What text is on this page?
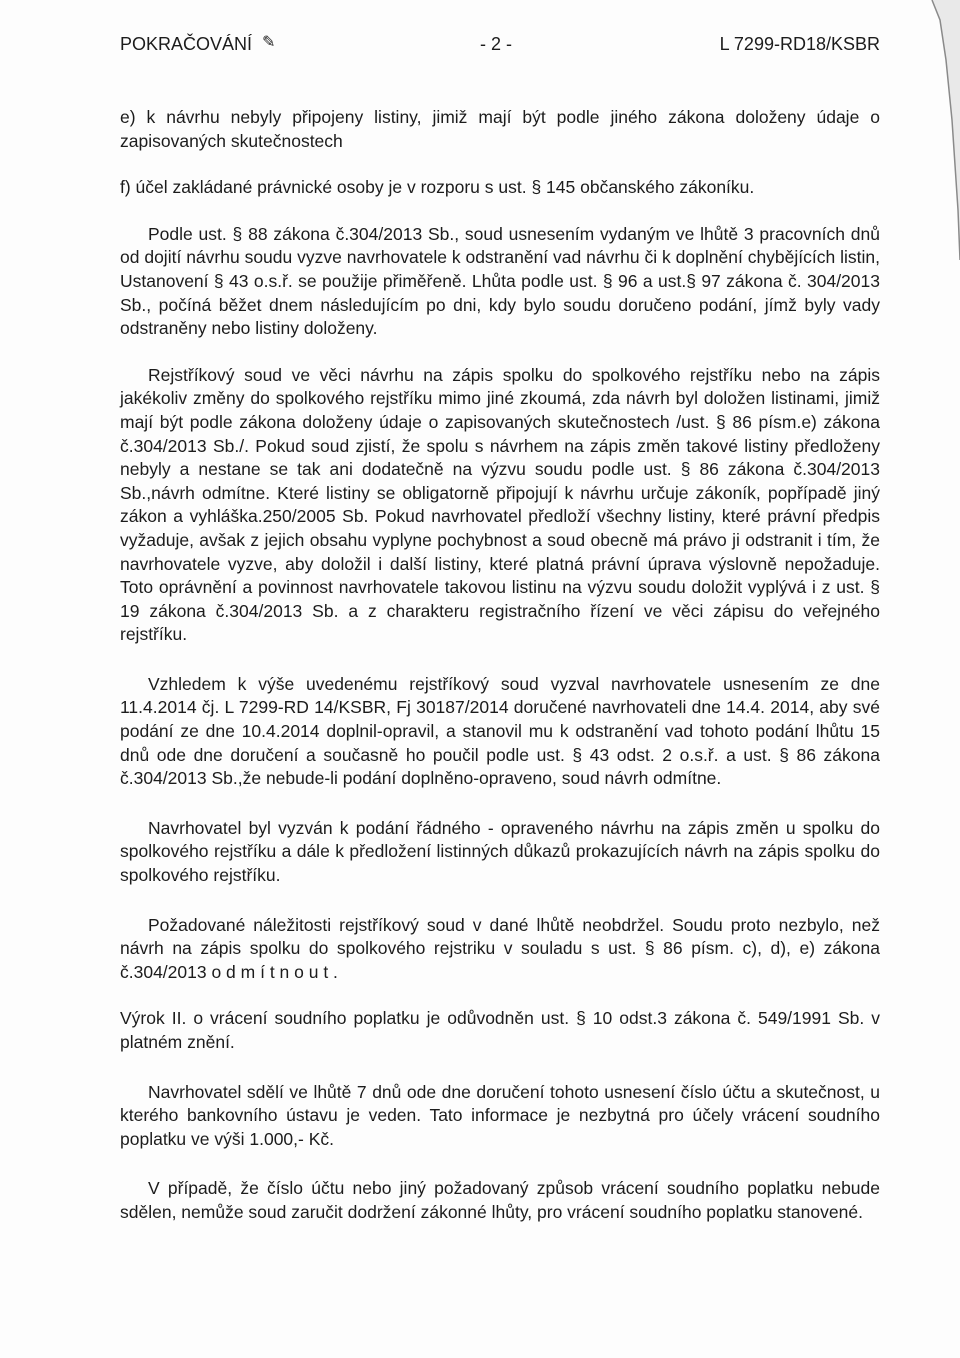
POKRAČOVÁNÍ ✎	- 2 -	L 7299-RD18/KSBR

e) k návrhu nebyly připojeny listiny, jimiž mají být podle jiného zákona doloženy údaje o zapisovaných skutečnostech

f) účel zakládané právnické osoby je v rozporu s ust. § 145 občanského zákoníku.

Podle ust. § 88 zákona č.304/2013 Sb., soud usnesením vydaným ve lhůtě 3 pracovních dnů od dojití návrhu soudu vyzve navrhovatele k odstranění vad návrhu či k doplnění chybějících listin, Ustanovení § 43 o.s.ř. se použije přiměřeně. Lhůta podle ust. § 96 a ust.§ 97 zákona č. 304/2013 Sb., počíná běžet dnem následujícím po dni, kdy bylo soudu doručeno podání, jímž byly vady odstraněny nebo listiny doloženy.

Rejstříkový soud ve věci návrhu na zápis spolku do spolkového rejstříku nebo na zápis jakékoliv změny do spolkového rejstříku mimo jiné zkoumá, zda návrh byl doložen listinami, jimiž mají být podle zákona doloženy údaje o zapisovaných skutečnostech /ust. § 86 písm.e) zákona č.304/2013 Sb./. Pokud soud zjistí, že spolu s návrhem na zápis změn takové listiny předloženy nebyly a nestane se tak ani dodatečně na výzvu soudu podle ust. § 86 zákona č.304/2013 Sb.,návrh odmítne. Které listiny se obligatorně připojují k návrhu určuje zákoník, popřípadě jiný zákon a vyhláška.250/2005 Sb. Pokud navrhovatel předloží všechny listiny, které právní předpis vyžaduje, avšak z jejich obsahu vyplyne pochybnost a soud obecně má právo ji odstranit i tím, že navrhovatele vyzve, aby doložil i další listiny, které platná právní úprava výslovně nepožaduje. Toto oprávnění a povinnost navrhovatele takovou listinu na výzvu soudu doložit vyplývá i z ust. § 19 zákona č.304/2013 Sb. a z charakteru registračního řízení ve věci zápisu do veřejného rejstříku.

Vzhledem k výše uvedenému rejstříkový soud vyzval navrhovatele usnesením ze dne 11.4.2014 čj. L 7299-RD 14/KSBR, Fj 30187/2014 doručené navrhovateli dne 14.4. 2014, aby své podání ze dne 10.4.2014 doplnil-opravil, a stanovil mu k odstranění vad tohoto podání lhůtu 15 dnů ode dne doručení a současně ho poučil podle ust. § 43 odst. 2 o.s.ř. a ust. § 86 zákona č.304/2013 Sb.,že nebude-li podání doplněno-opraveno, soud návrh odmítne.

Navrhovatel byl vyzván k podání řádného - opraveného návrhu na zápis změn u spolku do spolkového rejstříku a dále k předložení listinných důkazů prokazujících návrh na zápis spolku do spolkového rejstříku.

Požadované náležitosti rejstříkový soud v dané lhůtě neobdržel. Soudu proto nezbylo, než návrh na zápis spolku do spolkového rejstriku v souladu s ust. § 86 písm. c), d), e) zákona č.304/2013 o d m í t n o u t .

Výrok II. o vrácení soudního poplatku je odůvodněn ust. § 10 odst.3 zákona č. 549/1991 Sb. v platném znění.

Navrhovatel sdělí ve lhůtě 7 dnů ode dne doručení tohoto usnesení číslo účtu a skutečnost, u kterého bankovního ústavu je veden. Tato informace je nezbytná pro účely vrácení soudního poplatku ve výši 1.000,- Kč.

V případě, že číslo účtu nebo jiný požadovaný způsob vrácení soudního poplatku nebude sdělen, nemůže soud zaručit dodržení zákonné lhůty, pro vrácení soudního poplatku stanovené.
